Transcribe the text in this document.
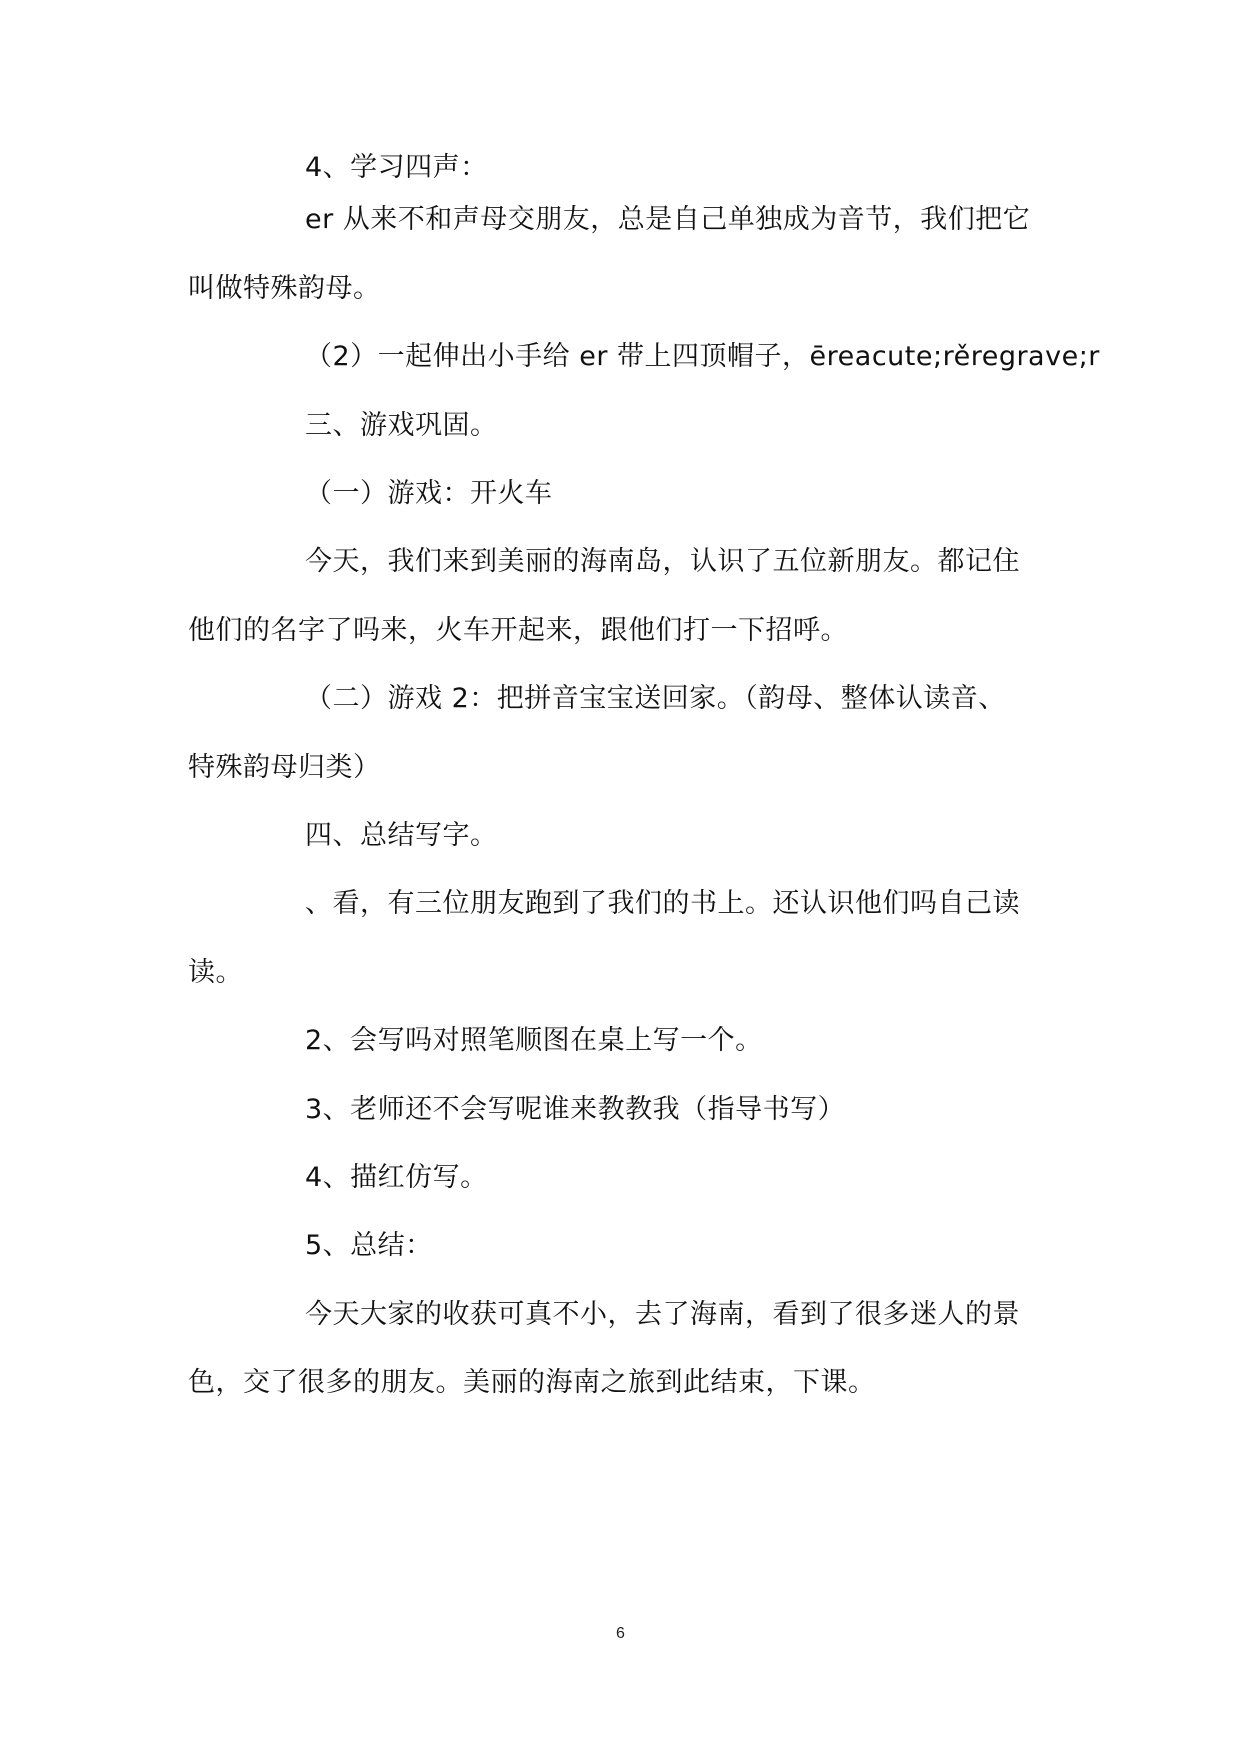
4、学习四声：
er 从来不和声母交朋友，总是自己单独成为音节，我们把它
叫做特殊韵母。
（2）一起伸出小手给 er 带上四顶帽子，ēreacute;rěregrave;r
三、游戏巩固。
（一）游戏：开火车
今天，我们来到美丽的海南岛，认识了五位新朋友。都记住
他们的名字了吗来，火车开起来，跟他们打一下招呼。
（二）游戏 2：把拼音宝宝送回家。（韵母、整体认读音、
特殊韵母归类）
四、总结写字。
、看，有三位朋友跑到了我们的书上。还认识他们吗自己读
读。
2、会写吗对照笔顺图在桌上写一个。
3、老师还不会写呢谁来教教我（指导书写）
4、描红仿写。
5、总结：
今天大家的收获可真不小，去了海南，看到了很多迷人的景
色，交了很多的朋友。美丽的海南之旅到此结束，下课。
6
